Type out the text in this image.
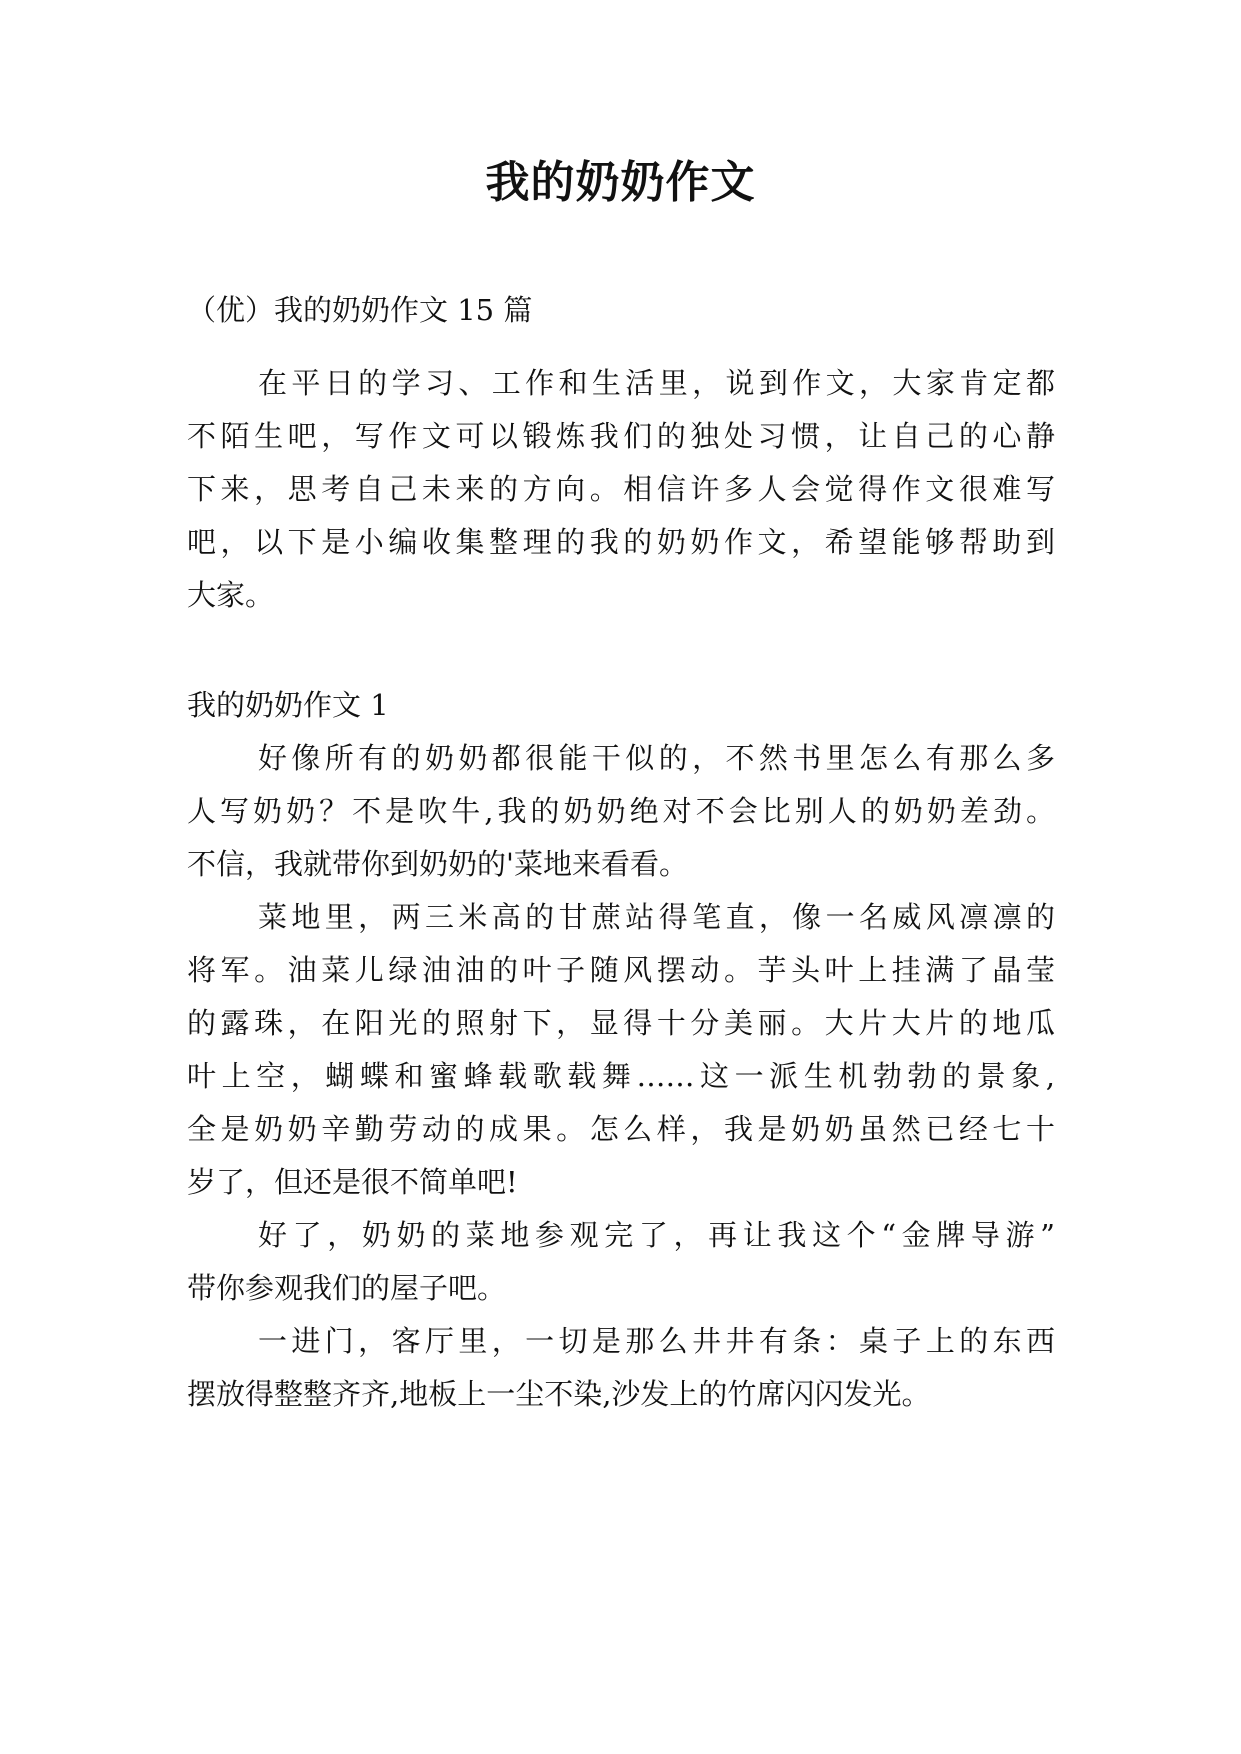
我的奶奶作文
（优）我的奶奶作文 15 篇
在平日的学习、工作和生活里，说到作文，大家肯定都
不陌生吧，写作文可以锻炼我们的独处习惯，让自己的心静
下来，思考自己未来的方向。相信许多人会觉得作文很难写
吧，以下是小编收集整理的我的奶奶作文，希望能够帮助到
大家。
我的奶奶作文 1
好像所有的奶奶都很能干似的，不然书里怎么有那么多
人写奶奶？不是吹牛,我的奶奶绝对不会比别人的奶奶差劲。
不信，我就带你到奶奶的'菜地来看看。
菜地里，两三米高的甘蔗站得笔直，像一名威风凛凛的
将军。油菜儿绿油油的叶子随风摆动。芋头叶上挂满了晶莹
的露珠，在阳光的照射下，显得十分美丽。大片大片的地瓜
叶上空，蝴蝶和蜜蜂载歌载舞……这一派生机勃勃的景象,
全是奶奶辛勤劳动的成果。怎么样，我是奶奶虽然已经七十
岁了，但还是很不简单吧!
好了，奶奶的菜地参观完了，再让我这个“金牌导游”
带你参观我们的屋子吧。
一进门，客厅里，一切是那么井井有条：桌子上的东西
摆放得整整齐齐,地板上一尘不染,沙发上的竹席闪闪发光。
